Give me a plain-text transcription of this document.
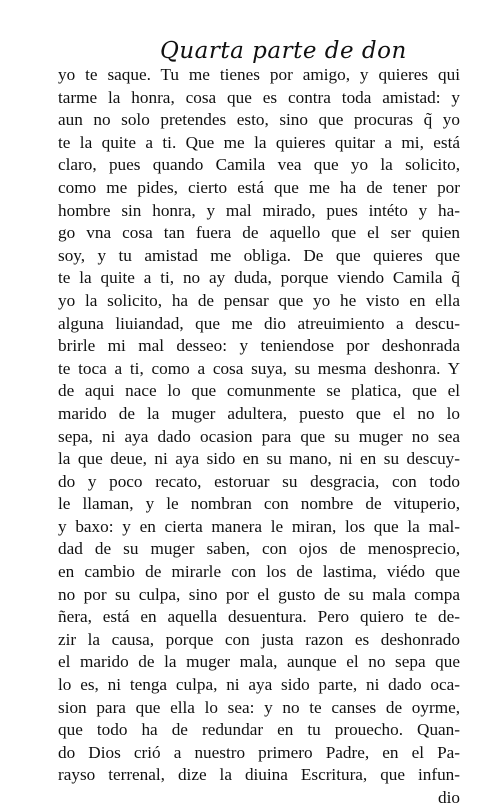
Quarta parte de don
yo te saque. Tu me tienes por amigo, y quieres qui
tarme la honra, cosa que es contra toda amistad: y
aun no solo pretendes esto, sino que procuras q̃ yo
te la quite a ti. Que me la quieres quitar a mi, está
claro, pues quando Camila vea que yo la solicito,
como me pides, cierto está que me ha de tener por
hombre sin honra, y mal mirado, pues intéto y ha-
go vna cosa tan fuera de aquello que el ser quien
soy, y tu amistad me obliga. De que quieres que
te la quite a ti, no ay duda, porque viendo Camila q̃
yo la solicito, ha de pensar que yo he visto en ella
alguna liuiandad, que me dio atreuimiento a descu-
brirle mi mal desseo: y teniendose por deshonrada
te toca a ti, como a cosa suya, su mesma deshonra. Y
de aqui nace lo que comunmente se platica, que el
marido de la muger adultera, puesto que el no lo
sepa, ni aya dado ocasion para que su muger no sea
la que deue, ni aya sido en su mano, ni en su descuy-
do y poco recato, estoruar su desgracia, con todo
le llaman, y le nombran con nombre de vituperio,
y baxo: y en cierta manera le miran, los que la mal-
dad de su muger saben, con ojos de menosprecio,
en cambio de mirarle con los de lastima, viédo que
no por su culpa, sino por el gusto de su mala compa
ñera, está en aquella desuentura. Pero quiero te de-
zir la causa, porque con justa razon es deshonrado
el marido de la muger mala, aunque el no sepa que
lo es, ni tenga culpa, ni aya sido parte, ni dado oca-
sion para que ella lo sea: y no te canses de oyrme,
que todo ha de redundar en tu prouecho. Quan-
do Dios crió a nuestro primero Padre, en el Pa-
rayso terrenal, dize la diuina Escritura, que infun-
dio
